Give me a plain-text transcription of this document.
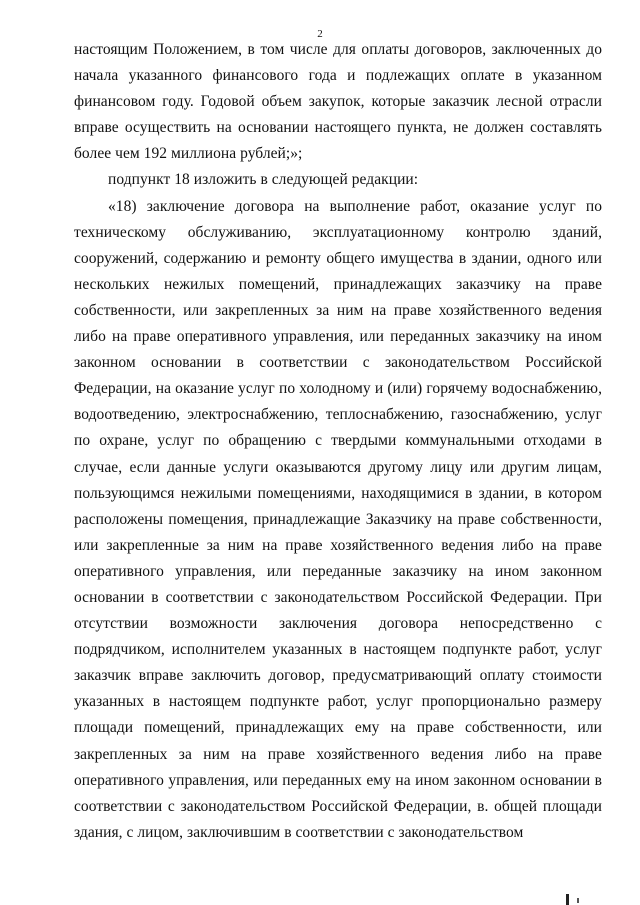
2

настоящим Положением, в том числе для оплаты договоров, заключенных до начала указанного финансового года и подлежащих оплате в указанном финансовом году. Годовой объем закупок, которые заказчик лесной отрасли вправе осуществить на основании настоящего пункта, не должен составлять более чем 192 миллиона рублей;»;

подпункт 18 изложить в следующей редакции:

«18) заключение договора на выполнение работ, оказание услуг по техническому обслуживанию, эксплуатационному контролю зданий, сооружений, содержанию и ремонту общего имущества в здании, одного или нескольких нежилых помещений, принадлежащих заказчику на праве собственности, или закрепленных за ним на праве хозяйственного ведения либо на праве оперативного управления, или переданных заказчику на ином законном основании в соответствии с законодательством Российской Федерации, на оказание услуг по холодному и (или) горячему водоснабжению, водоотведению, электроснабжению, теплоснабжению, газоснабжению, услуг по охране, услуг по обращению с твердыми коммунальными отходами в случае, если данные услуги оказываются другому лицу или другим лицам, пользующимся нежилыми помещениями, находящимися в здании, в котором расположены помещения, принадлежащие Заказчику на праве собственности, или закрепленные за ним на праве хозяйственного ведения либо на праве оперативного управления, или переданные заказчику на ином законном основании в соответствии с законодательством Российской Федерации. При отсутствии возможности заключения договора непосредственно с подрядчиком, исполнителем указанных в настоящем подпункте работ, услуг заказчик вправе заключить договор, предусматривающий оплату стоимости указанных в настоящем подпункте работ, услуг пропорционально размеру площади помещений, принадлежащих ему на праве собственности, или закрепленных за ним на праве хозяйственного ведения либо на праве оперативного управления, или переданных ему на ином законном основании в соответствии с законодательством Российской Федерации, в. общей площади здания, с лицом, заключившим в соответствии с законодательством
